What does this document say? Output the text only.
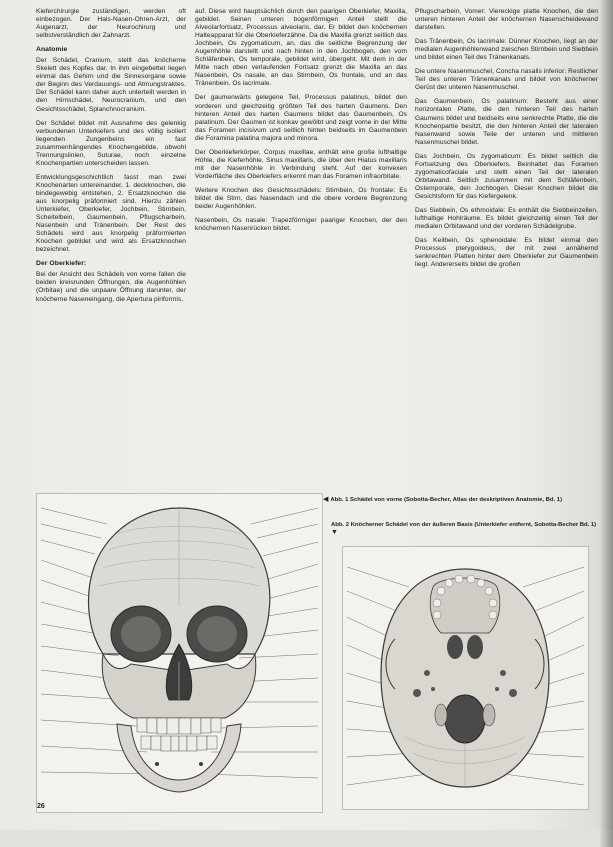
Kieferchirurgie zuständigen, werden oft einbezogen. Der Hals-Nasen-Ohren-Arzt, der Augenarzt, der Neurochirurg und selbstverständlich der Zahnarzt.

Anatomie

Der Schädel, Cranium, stellt das knöcherne Skelett des Kopfes dar. In ihm eingebettet liegen einmal das Gehirn und die Sinnesorgane sowie der Beginn des Verdauungs- und Atmungstraktes. Der Schädel kann daher auch unterteilt werden in den Hirnschädel, Neurocranium, und den Gesichtsschädel, Splanchnocranium.

Der Schädel bildet mit Ausnahme des gelenkig verbundenen Unterkiefers und des völlig isoliert liegenden Zungenbeins ein fast zusammenhängendes Knochengebilde, obwohl Trennungslinien, Suturae, noch einzelne Knochenpartien unterscheiden lassen.

Entwicklungsgeschichtlich fasst man zwei Knochenarten untereinander, 1. deckknochen, die bindegewebig entstehen, 2. Ersatzknochen die aus knorpelig präformiert sind. Hierzu zählen Unterkiefer, Oberkiefer, Jochbein, Stirnbein, Scheitelbein, Gaumenbein, Pflugscharbein, Nasenbein und Tränenbein. Der Rest des Schädels wird aus knorpelig präformierten Knochen gebildet und wird als Ersatzknochen bezeichnet.

Der Oberkiefer:

Bei der Ansicht des Schädels von vorne fallen die beiden kreisrunden Öffnungen, die Augenhöhlen (Orbitae) und die unpaare Öffnung darunter, der knöcherne Naseneingang, die Apertura piriformis,

auf. Diese wird hauptsächlich durch den paarigen Oberkiefer, Maxilla, gebildet. Seinen unteren bogenförmigen Anteil stellt die Alveolarfortsatz, Processus alveolaris, dar. Er bildet den knöchernen Halteapparat für die Oberkieferzähne. Da die Maxilla grenzt seitlich das Jochbein, Os zygomaticum, an, das die seitliche Begrenzung der Augenhöhle darstellt und nach hinten in den Jochbogen, den vom Schläfenbein, Os temporale, gebildet wird, übergeht. Mit dem in der Mitte nach oben verlaufenden Fortsatz grenzt die Maxilla an das Nasenbein, Os nasale, an das Stirnbein, Os frontale, und an das Tränenbein, Os lacrimale.

Der gaumenwärts gelegene Teil, Processus palatinus, bildet den vorderen und gleichzeitig größten Teil des harten Gaumens. Den hinteren Anteil des harten Gaumens bildet das Gaumenbein, Os palatinum. Der Gaumen ist konkav gewölbt und zeigt vorne in der Mitte das Foramen incisivum und seitlich hinten beidseits im Gaumenbein die Foramina palatina majora und minora.

Der Oberkieferkörper, Corpus maxillae, enthält eine große lufthaltige Höhle, die Kieferhöhle, Sinus maxillaris, die über den Hiatus maxillaris mit der Nasenhöhle in Verbindung steht. Auf der konvexen Vorderfläche des Oberkiefers erkennt man das Foramen infraorbitale.

Weitere Knochen des Gesichtsschädels: Stirnbein, Os frontale: Es bildet die Stirn, das Nasendach und die obere vordere Begrenzung beider Augenhöhlen.

Nasenbein, Os nasale: Trapezförmiger paariger Knochen, der den knöchernen Nasenrücken bildet.

Pflugscharbein, Vomer: Viereckige platte Knochen, die den unteren hinteren Anteil der knöchernen Nasenscheidewand darstellen.

Das Tränenbein, Os lacrimale: Dünner Knochen, liegt an der medialen Augenhöhlenwand zwischen Stirnbein und Siebbein und bildet einen Teil des Tränenkanals.

Die untere Nasenmuschel, Concha nasalis inferior: Restlicher Teil des unteren Tränenkanals und bildet von knöcherner Gerüst der unteren Nasenmuschel.

Das Gaumenbein, Os palatinum: Besteht aus einer horizontalen Platte, die den hinteren Teil des harten Gaumens bildet und beidseits eine senkrechte Platte, die die Knochenpartie besitzt, die den hinteren Anteil der lateralen Nasenwand sowie Teile der unteren und mittleren Nasenmuschel bildet.

Das Jochbein, Os zygomaticum: Es bildet seitlich die Fortsetzung des Oberkiefers. Beinhaltet das Foramen zygomaticofaciale und stellt einen Teil der lateralen Orbitawand. Seitlich zusammen mit dem Schläfenbein, Ostemporale, den Jochbogen. Dieser Knochen bildet die Gesichtsform für das Kiefergelenk.

Das Siebbein, Os ethmoidale: Es enthält die Siebbeinzellen, lufthaltige Hohlräume. Es bildet gleichzeitig einen Teil der medialen Orbitawand und der vorderen Schädelgrube.

Das Keilbein, Os sphenoidale: Es bildet einmal den Processus pterygoideus, der mit zwei annähernd senkrechten Platten hinter dem Oberkiefer zur Gaumenbein liegt. Andererseits bildet die großen

◀ Abb. 1 Schädel von vorne (Sobotta-Becher, Atlas der deskriptiven Anatomie, Bd. 1)
Abb. 2 Knöcherner Schädel von der äußeren Basis (Unterkiefer entfernt, Sobotta-Becher Bd. 1) ▼
26
